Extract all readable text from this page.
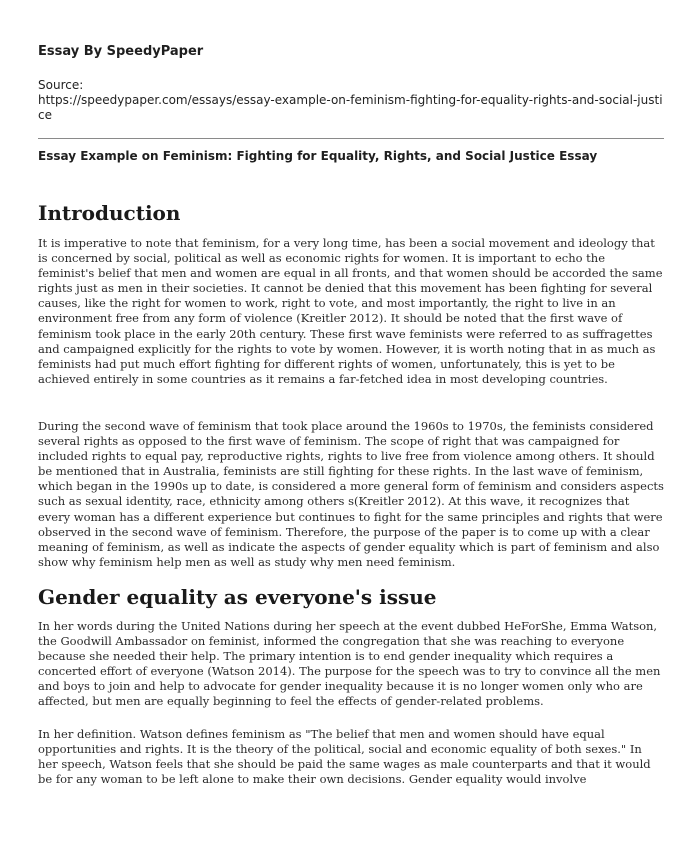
Essay By SpeedyPaper

Source:

https://speedypaper.com/essays/essay-example-on-feminism-fighting-for-equality-rights-and-social-justice

Essay Example on Feminism: Fighting for Equality, Rights, and Social Justice Essay

Introduction

It is imperative to note that feminism, for a very long time, has been a social movement and ideology that is concerned by social, political as well as economic rights for women. It is important to echo the feminist's belief that men and women are equal in all fronts, and that women should be accorded the same rights just as men in their societies. It cannot be denied that this movement has been fighting for several causes, like the right for women to work, right to vote, and most importantly, the right to live in an environment free from any form of violence (Kreitler 2012). It should be noted that the first wave of feminism took place in the early 20th century. These first wave feminists were referred to as suffragettes and campaigned explicitly for the rights to vote by women. However, it is worth noting that in as much as feminists had put much effort fighting for different rights of women, unfortunately, this is yet to be achieved entirely in some countries as it remains a far-fetched idea in most developing countries.

During the second wave of feminism that took place around the 1960s to 1970s, the feminists considered several rights as opposed to the first wave of feminism. The scope of right that was campaigned for included rights to equal pay, reproductive rights, rights to live free from violence among others. It should be mentioned that in Australia, feminists are still fighting for these rights. In the last wave of feminism, which began in the 1990s up to date, is considered a more general form of feminism and considers aspects such as sexual identity, race, ethnicity among others s(Kreitler 2012). At this wave, it recognizes that every woman has a different experience but continues to fight for the same principles and rights that were observed in the second wave of feminism. Therefore, the purpose of the paper is to come up with a clear meaning of feminism, as well as indicate the aspects of gender equality which is part of feminism and also show why feminism help men as well as study why men need feminism.

Gender equality as everyone's issue

In her words during the United Nations during her speech at the event dubbed HeForShe, Emma Watson, the Goodwill Ambassador on feminist, informed the congregation that she was reaching to everyone because she needed their help. The primary intention is to end gender inequality which requires a concerted effort of everyone (Watson 2014). The purpose for the speech was to try to convince all the men and boys to join and help to advocate for gender inequality because it is no longer women only who are affected, but men are equally beginning to feel the effects of gender-related problems.

In her definition. Watson defines feminism as "The belief that men and women should have equal opportunities and rights. It is the theory of the political, social and economic equality of both sexes." In her speech, Watson feels that she should be paid the same wages as male counterparts and that it would be for any woman to be left alone to make their own decisions. Gender equality would involve
